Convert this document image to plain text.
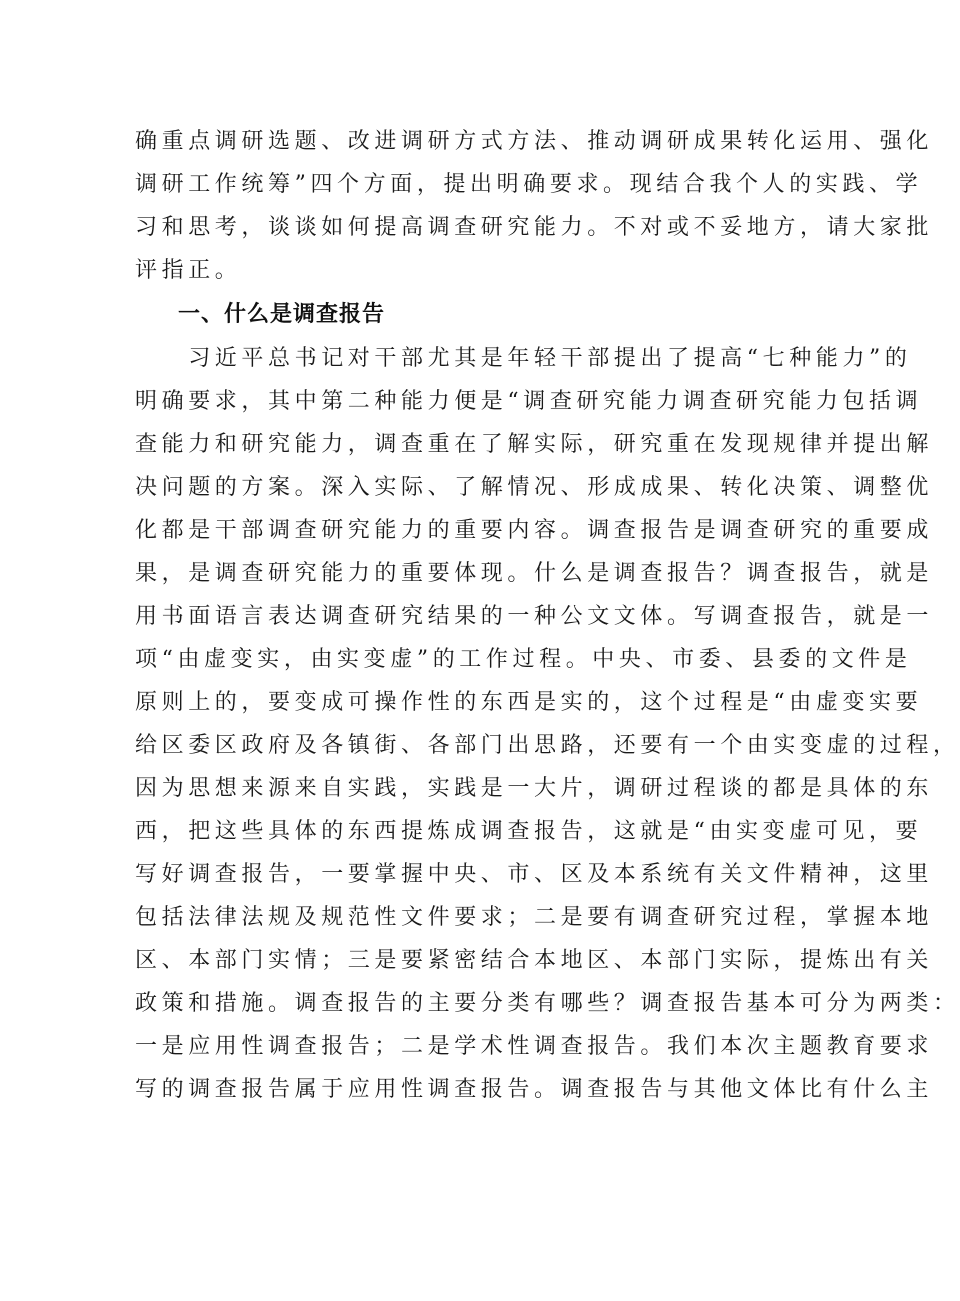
确重点调研选题、改进调研方式方法、推动调研成果转化运用、强化
调研工作统筹”四个方面，提出明确要求。现结合我个人的实践、学
习和思考，谈谈如何提高调查研究能力。不对或不妥地方，请大家批
评指正。
一、什么是调查报告
　　习近平总书记对干部尤其是年轻干部提出了提高“七种能力”的
明确要求，其中第二种能力便是“调查研究能力调查研究能力包括调
查能力和研究能力，调查重在了解实际，研究重在发现规律并提出解
决问题的方案。深入实际、了解情况、形成成果、转化决策、调整优
化都是干部调查研究能力的重要内容。调查报告是调查研究的重要成
果，是调查研究能力的重要体现。什么是调查报告？调查报告，就是
用书面语言表达调查研究结果的一种公文文体。写调查报告，就是一
项“由虚变实，由实变虚”的工作过程。中央、市委、县委的文件是
原则上的，要变成可操作性的东西是实的，这个过程是“由虚变实要
给区委区政府及各镇街、各部门出思路，还要有一个由实变虚的过程，
因为思想来源来自实践，实践是一大片，调研过程谈的都是具体的东
西，把这些具体的东西提炼成调查报告，这就是“由实变虚可见，要
写好调查报告，一要掌握中央、市、区及本系统有关文件精神，这里
包括法律法规及规范性文件要求；二是要有调查研究过程，掌握本地
区、本部门实情；三是要紧密结合本地区、本部门实际，提炼出有关
政策和措施。调查报告的主要分类有哪些？调查报告基本可分为两类：
一是应用性调查报告；二是学术性调查报告。我们本次主题教育要求
写的调查报告属于应用性调查报告。调查报告与其他文体比有什么主
